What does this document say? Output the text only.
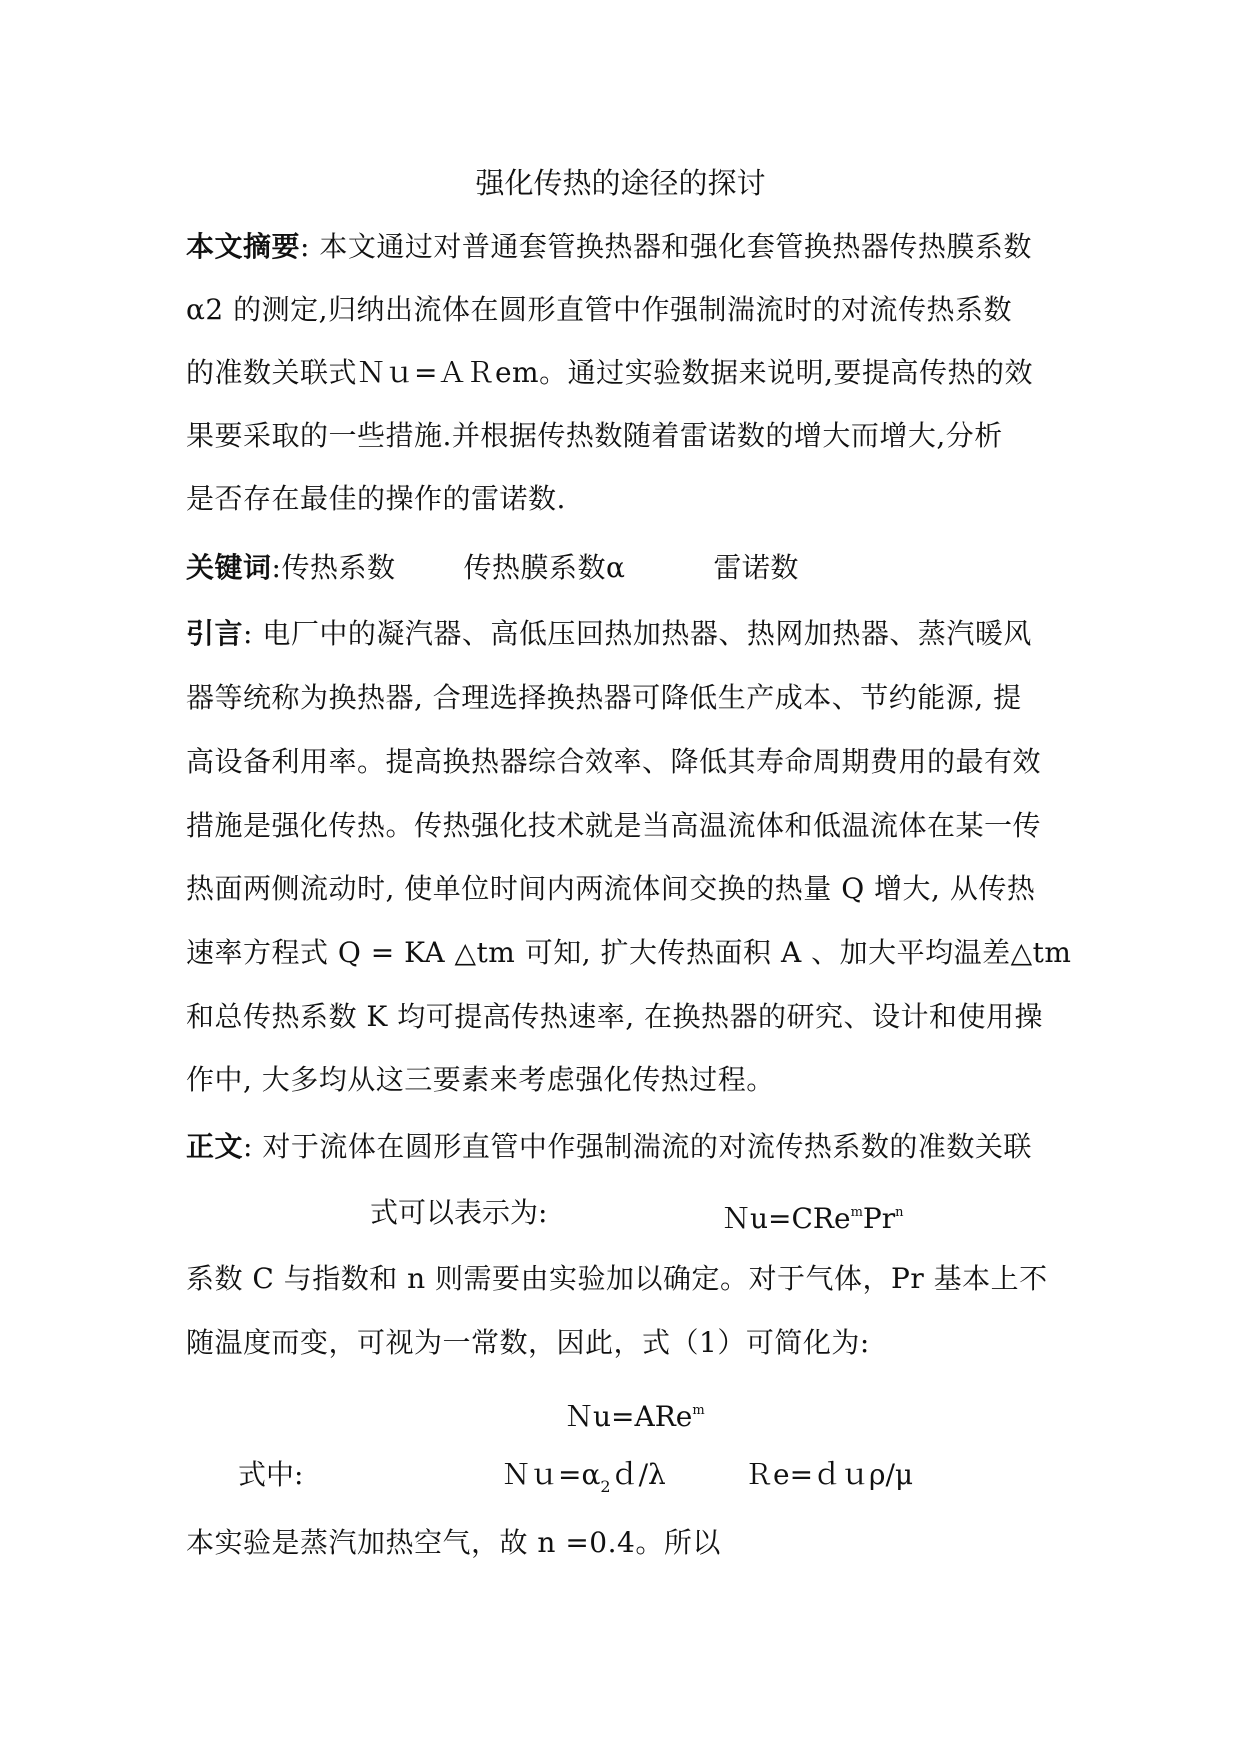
强化传热的途径的探讨
本文摘要: 本文通过对普通套管换热器和强化套管换热器传热膜系数
α2 的测定,归纳出流体在圆形直管中作强制湍流时的对流传热系数
的准数关联式Ｎｕ=ＡＲem。通过实验数据来说明,要提高传热的效
果要采取的一些措施.并根据传热数随着雷诺数的增大而增大,分析
是否存在最佳的操作的雷诺数.
关键词:传热系数 传热膜系数α	雷诺数
引言: 电厂中的凝汽器、高低压回热加热器、热网加热器、蒸汽暖风
器等统称为换热器, 合理选择换热器可降低生产成本、节约能源, 提
高设备利用率。提高换热器综合效率、降低其寿命周期费用的最有效
措施是强化传热。传热强化技术就是当高温流体和低温流体在某一传
热面两侧流动时, 使单位时间内两流体间交换的热量 Q 增大, 从传热
速率方程式 Q = KA △tm 可知, 扩大传热面积 A 、加大平均温差△tm
和总传热系数 K 均可提高传热速率, 在换热器的研究、设计和使用操
作中, 大多均从这三要素来考虑强化传热过程。
正文: 对于流体在圆形直管中作强制湍流的对流传热系数的准数关联
式可以表示为:	$Nu=CRe^mPr^n$
系数 C 与指数和 n 则需要由实验加以确定。对于气体，Pr 基本上不
随温度而变，可视为一常数，因此，式（1）可简化为:
Ｎu=ARe$^m$
式中:	$Nu=\alpha_2d/\lambda$	Ｒe=ｄｕρ/μ
本实验是蒸汽加热空气，故 n =0.4。所以
